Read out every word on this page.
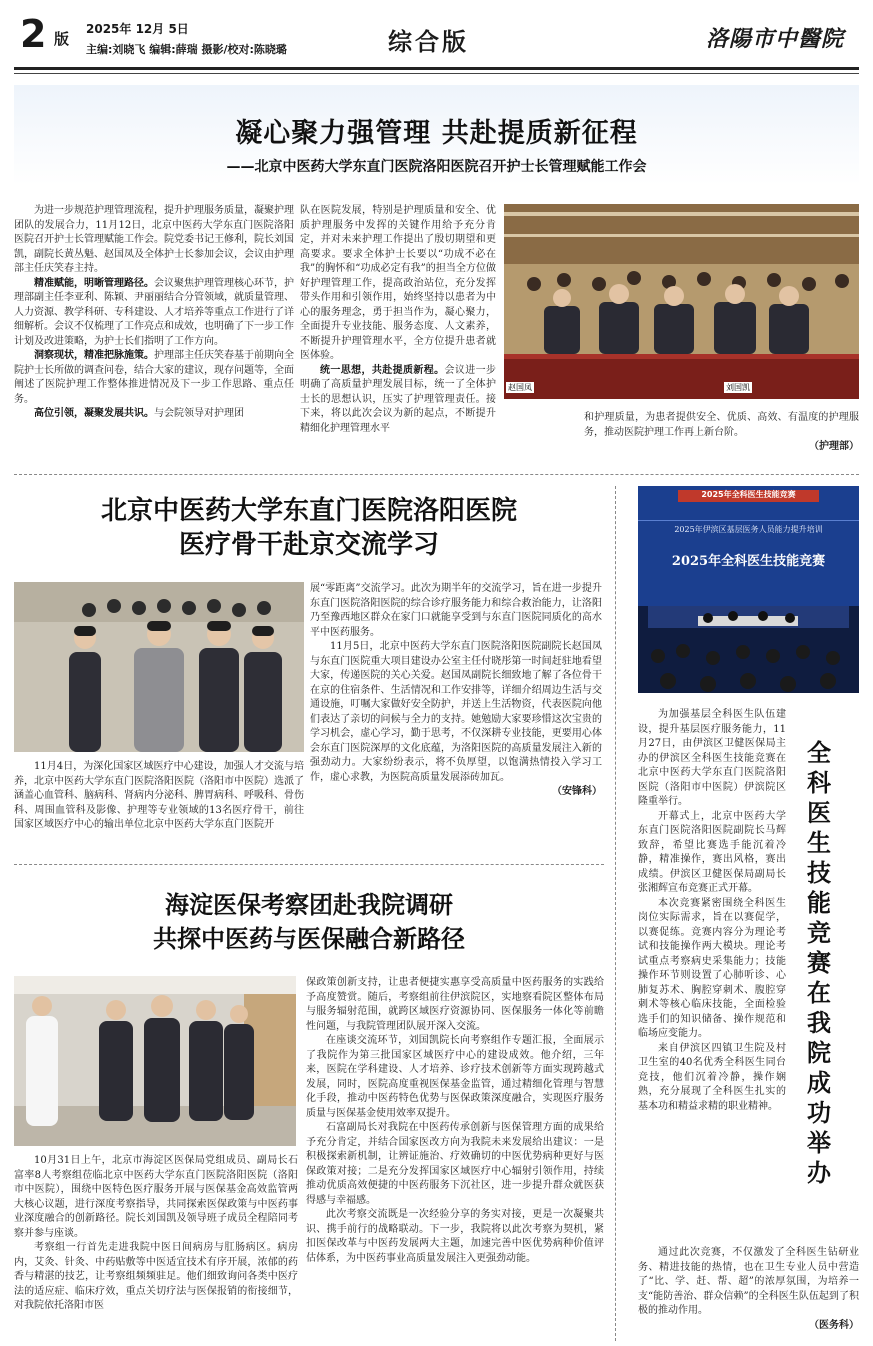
2 版
2025年 12月 5日
主编:刘晓飞 编辑:薛瑞 摄影/校对:陈晓璐	综合版	洛陽市中醫院
凝心聚力强管理 共赴提质新征程
——北京中医药大学东直门医院洛阳医院召开护士长管理赋能工作会

为进一步规范护理管理流程，提升护理服务质量，凝聚护理团队的发展合力，11月12日，北京中医药大学东直门医院洛阳医院召开护士长管理赋能工作会。院党委书记王修利，院长刘国凯，副院长黄丛魁、赵国凤及全体护士长参加会议，会议由护理部主任庆笑春主持。

精准赋能，明晰管理路径。会议聚焦护理管理核心环节，护理部副主任李亚利、陈颖、尹丽丽结合分管领域，就质量管理、人力资源、教学科研、专科建设、人才培养等重点工作进行了详细解析。会议不仅梳理了工作亮点和成效，也明确了下一步工作计划及改进策略，为护士长们指明了工作方向。

洞察现状，精准把脉施策。护理部主任庆笑春基于前期向全院护士长所做的调查问卷，结合大家的建议，现存问题等，全面阐述了医院护理工作整体推进情况及下一步工作思路、重点任务。

高位引领，凝聚发展共识。与会院领导对护理团

队在医院发展，特别是护理质量和安全、优质护理服务中发挥的关键作用给予充分肯定，并对未来护理工作提出了殷切期望和更高要求。要求全体护士长要以“功成不必在我”的胸怀和“功成必定有我”的担当全方位做好护理管理工作，提高政治站位，充分发挥带头作用和引领作用，始终坚持以患者为中心的服务理念，勇于担当作为，凝心聚力，全面提升专业技能、服务态度、人文素养，不断提升护理管理水平，全方位提升患者就医体验。

统一思想，共赴提质新程。会议进一步明确了高质量护理发展目标，统一了全体护士长的思想认识，压实了护理管理责任。接下来，将以此次会议为新的起点，不断提升精细化护理管理水平

赵国凤	刘国凯

和护理质量，为患者提供安全、优质、高效、有温度的护理服务，推动医院护理工作再上新台阶。

（护理部）

北京中医药大学东直门医院洛阳医院
医疗骨干赴京交流学习

11月4日，为深化国家区域医疗中心建设，加强人才交流与培养，北京中医药大学东直门医院洛阳医院（洛阳市中医院）选派了涵盖心血管科、脑病科、肾病内分泌科、脾胃病科、呼吸科、骨伤科、周围血管科及影像、护理等专业领域的13名医疗骨干，前往国家区域医疗中心的输出单位北京中医药大学东直门医院开

展“零距离”交流学习。此次为期半年的交流学习，旨在进一步提升东直门医院洛阳医院的综合诊疗服务能力和综合救治能力，让洛阳乃至豫西地区群众在家门口就能享受到与东直门医院同质化的高水平中医药服务。

11月5日，北京中医药大学东直门医院洛阳医院副院长赵国凤与东直门医院重大项目建设办公室主任付晓彤第一时间赶驻地看望大家，传递医院的关心关爱。赵国凤副院长细致地了解了各位骨干在京的住宿条件、生活情况和工作安排等，详细介绍周边生活与交通设施，叮嘱大家做好安全防护，并送上生活物资，代表医院向他们表达了亲切的问候与全力的支持。她勉励大家要珍惜这次宝贵的学习机会，虚心学习，勤于思考，不仅深耕专业技能，更要用心体会东直门医院深厚的文化底蕴，为洛阳医院的高质量发展注入新的强劲动力。大家纷纷表示，将不负厚望，以饱满热情投入学习工作，虚心求教，为医院高质量发展添砖加瓦。

（安锋科）

海淀医保考察团赴我院调研
共探中医药与医保融合新路径

10月31日上午，北京市海淀区医保局党组成员、副局长石富率8人考察组莅临北京中医药大学东直门医院洛阳医院（洛阳市中医院），围绕中医特色医疗服务开展与医保基金高效监管两大核心议题，进行深度考察指导，共同探索医保政策与中医药事业深度融合的创新路径。院长刘国凯及领导班子成员全程陪同考察并参与座谈。

考察组一行首先走进我院中医日间病房与肛肠病区。病房内，艾灸、针灸、中药贴敷等中医适宜技术有序开展，浓郁的药香与精湛的技艺，让考察组频频驻足。他们细致询问各类中医疗法的适应症、临床疗效，重点关切疗法与医保报销的衔接细节，对我院依托洛阳市医

保政策创新支持，让患者便捷实惠享受高质量中医药服务的实践给予高度赞赏。随后，考察组前往伊滨院区，实地察看院区整体布局与服务辐射范围，就跨区域医疗资源协同、医保服务一体化等前瞻性问题，与我院管理团队展开深入交流。

在座谈交流环节，刘国凯院长向考察组作专题汇报，全面展示了我院作为第三批国家区域医疗中心的建设成效。他介绍，三年来，医院在学科建设、人才培养、诊疗技术创新等方面实现跨越式发展，同时，医院高度重视医保基金监管，通过精细化管理与智慧化手段，推动中医药特色优势与医保政策深度融合，实现医疗服务质量与医保基金使用效率双提升。

石富副局长对我院在中医药传承创新与医保管理方面的成果给予充分肯定，并结合国家医改方向为我院未来发展给出建议：一是积极探索新机制，让辨证施治、疗效确切的中医优势病种更好与医保政策对接；二是充分发挥国家区域医疗中心辐射引领作用，持续推动优质高效便捷的中医药服务下沉社区，进一步提升群众就医获得感与幸福感。

此次考察交流既是一次经验分享的务实对接，更是一次凝聚共识、携手前行的战略联动。下一步，我院将以此次考察为契机，紧扣医保改革与中医药发展两大主题，加速完善中医优势病种价值评估体系，为中医药事业高质量发展注入更强劲动能。

2025年全科医生技能竞赛
2025年伊滨区基层医务人员能力提升培训
2025年全科医生技能竞赛

为加强基层全科医生队伍建设，提升基层医疗服务能力，11月27日，由伊滨区卫健医保局主办的伊滨区全科医生技能竞赛在北京中医药大学东直门医院洛阳医院（洛阳市中医院）伊滨院区隆重举行。

开幕式上，北京中医药大学东直门医院洛阳医院副院长马辉致辞，希望比赛选手能沉着冷静，精准操作，赛出风格，赛出成绩。伊滨区卫健医保局副局长张湘辉宣布竞赛正式开幕。

本次竞赛紧密围绕全科医生岗位实际需求，旨在以赛促学，以赛促练。竞赛内容分为理论考试和技能操作两大模块。理论考试重点考察病史采集能力；技能操作环节则设置了心肺听诊、心肺复苏术、胸腔穿刺术、腹腔穿刺术等核心临床技能，全面检验选手们的知识储备、操作规范和临场应变能力。

来自伊滨区四镇卫生院及村卫生室的40名优秀全科医生同台竞技，他们沉着冷静，操作娴熟，充分展现了全科医生扎实的基本功和精益求精的职业精神。

全科医生技能竞赛在我院成功举办

通过此次竞赛，不仅激发了全科医生钻研业务、精进技能的热情，也在卫生专业人员中营造了“比、学、赶、帮、超”的浓厚氛围，为培养一支“能防善治、群众信赖”的全科医生队伍起到了积极的推动作用。

（医务科）
